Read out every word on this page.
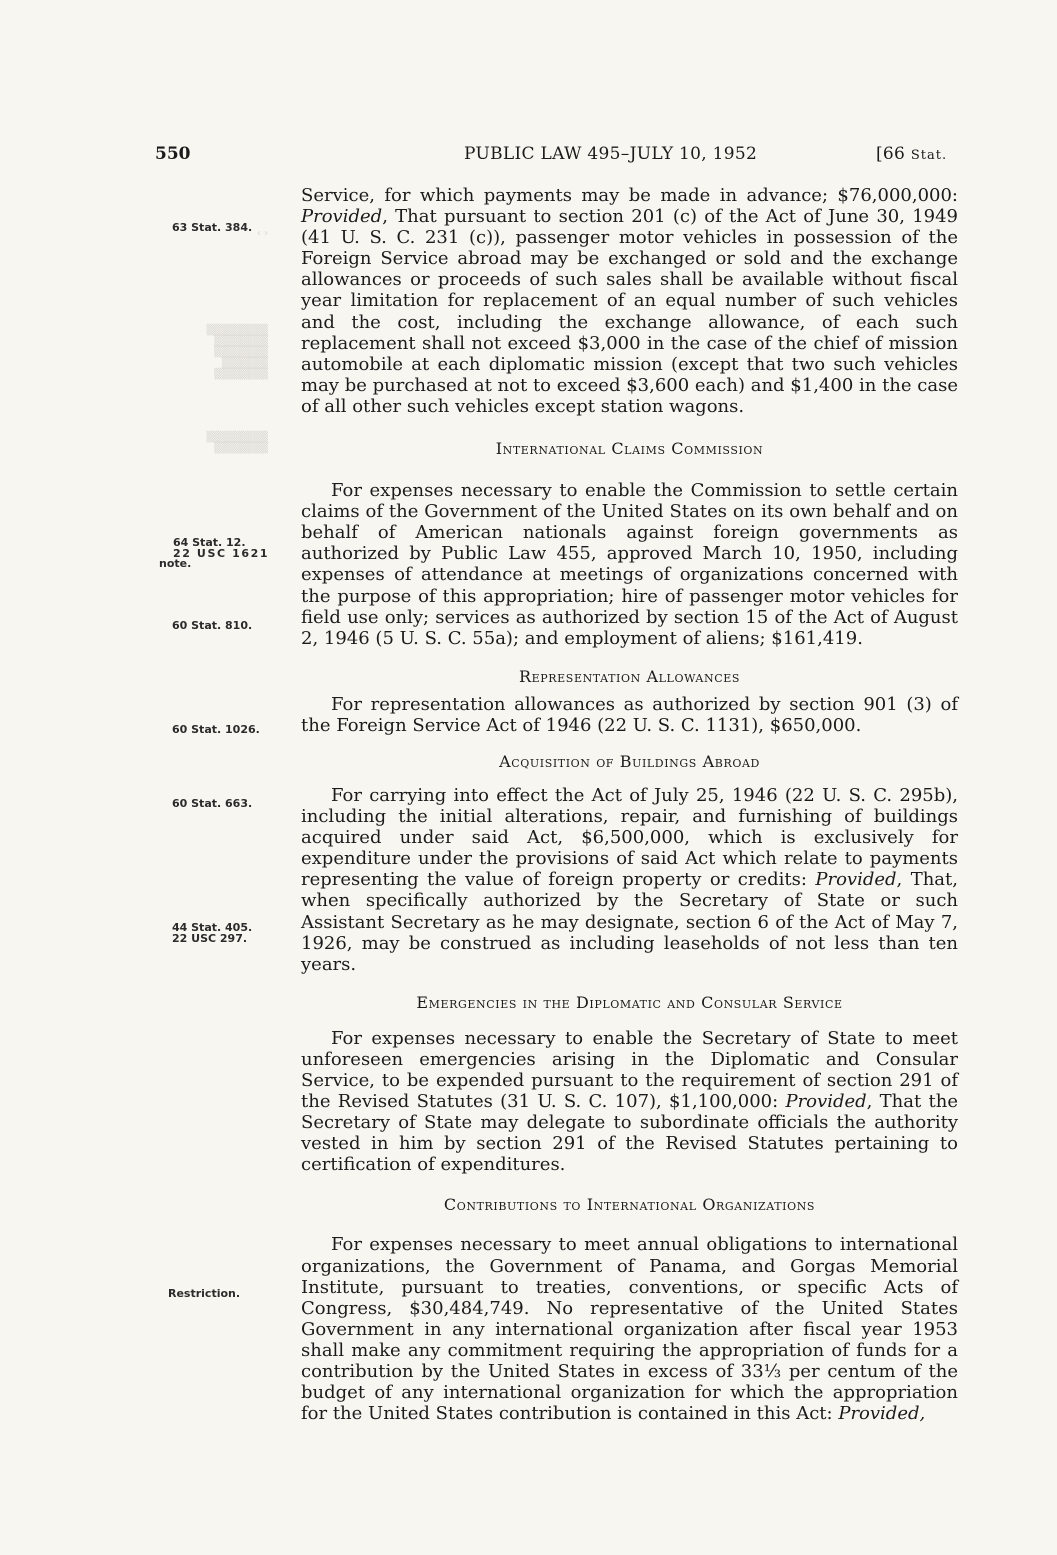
‹ ›
▒▒▒▒▒▒▒▒
▒▒▒▒▒▒▒
▒▒▒▒▒▒▒
▒▒▒▒▒▒
▒▒▒▒▒▒▒
▒▒▒▒▒▒▒▒
▒▒▒▒▒▒▒
550	PUBLIC LAW 495–JULY 10, 1952	[66 Stat.
63 Stat. 384.
64 Stat. 12.
22 USC 1621
note.
60 Stat. 810.
60 Stat. 1026.
60 Stat. 663.
44 Stat. 405.
22 USC 297.
Restriction.

Service, for which payments may be made in advance; $76,000,000: Provided, That pursuant to section 201 (c) of the Act of June 30, 1949 (41 U. S. C. 231 (c)), passenger motor vehicles in possession of the Foreign Service abroad may be exchanged or sold and the exchange allowances or proceeds of such sales shall be available without fiscal year limitation for replacement of an equal number of such vehicles and the cost, including the exchange allowance, of each such replacement shall not exceed $3,000 in the case of the chief of mission automobile at each diplomatic mission (except that two such vehicles may be purchased at not to exceed $3,600 each) and $1,400 in the case of all other such vehicles except station wagons.

International Claims Commission

For expenses necessary to enable the Commission to settle certain claims of the Government of the United States on its own behalf and on behalf of American nationals against foreign governments as authorized by Public Law 455, approved March 10, 1950, including expenses of attendance at meetings of organizations concerned with the purpose of this appropriation; hire of passenger motor vehicles for field use only; services as authorized by section 15 of the Act of August 2, 1946 (5 U. S. C. 55a); and employment of aliens; $161,419.

Representation Allowances

For representation allowances as authorized by section 901 (3) of the Foreign Service Act of 1946 (22 U. S. C. 1131), $650,000.

Acquisition of Buildings Abroad

For carrying into effect the Act of July 25, 1946 (22 U. S. C. 295b), including the initial alterations, repair, and furnishing of buildings acquired under said Act, $6,500,000, which is exclusively for expenditure under the provisions of said Act which relate to payments representing the value of foreign property or credits: Provided, That, when specifically authorized by the Secretary of State or such Assistant Secretary as he may designate, section 6 of the Act of May 7, 1926, may be construed as including leaseholds of not less than ten years.

Emergencies in the Diplomatic and Consular Service

For expenses necessary to enable the Secretary of State to meet unforeseen emergencies arising in the Diplomatic and Consular Service, to be expended pursuant to the requirement of section 291 of the Revised Statutes (31 U. S. C. 107), $1,100,000: Provided, That the Secretary of State may delegate to subordinate officials the authority vested in him by section 291 of the Revised Statutes pertaining to certification of expenditures.

Contributions to International Organizations

For expenses necessary to meet annual obligations to international organizations, the Government of Panama, and Gorgas Memorial Institute, pursuant to treaties, conventions, or specific Acts of Congress, $30,484,749. No representative of the United States Government in any international organization after fiscal year 1953 shall make any commitment requiring the appropriation of funds for a contribution by the United States in excess of 33⅓ per centum of the budget of any international organization for which the appropriation for the United States contribution is contained in this Act: Provided,
